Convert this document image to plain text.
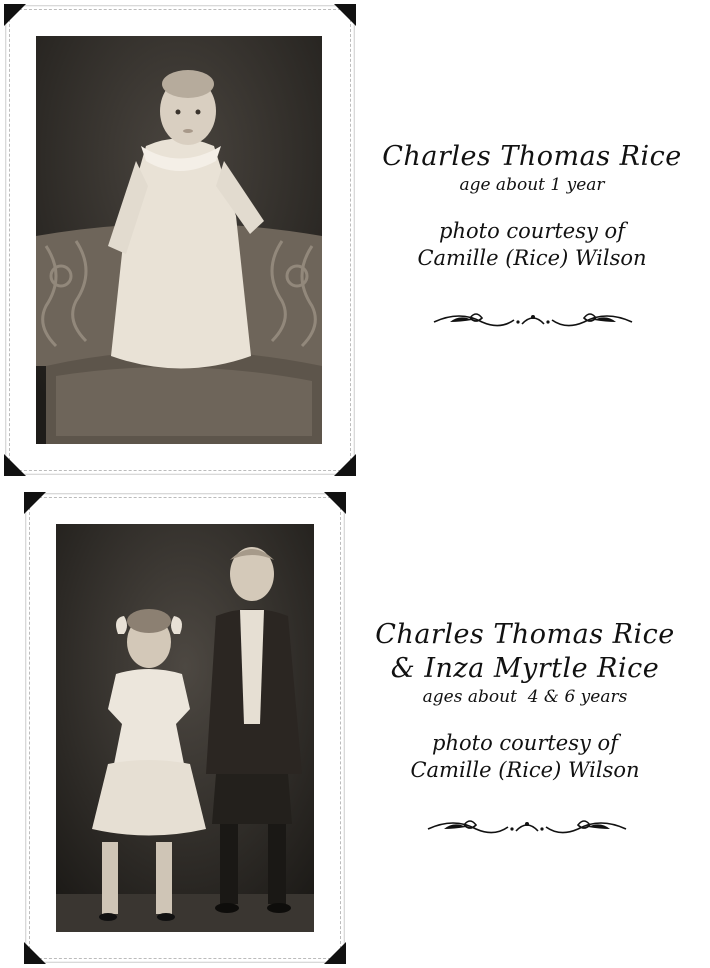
Charles Thomas Rice
age about 1 year
photo courtesy of
Camille (Rice) Wilson
Charles Thomas Rice
& Inza Myrtle Rice
ages about  4 & 6 years
photo courtesy of
Camille (Rice) Wilson
